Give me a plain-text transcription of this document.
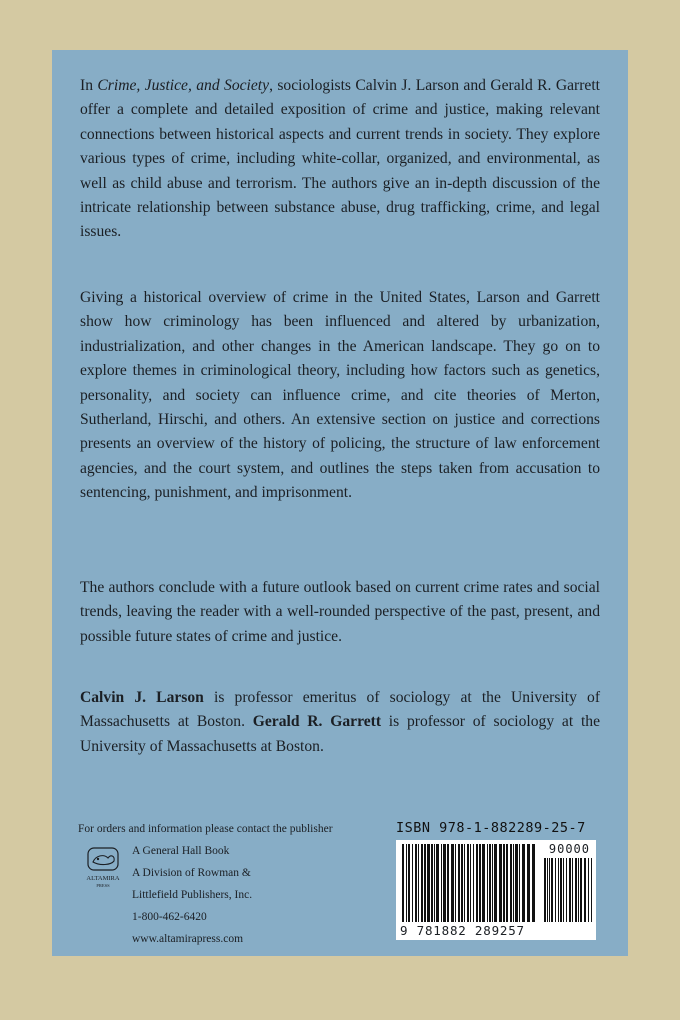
In Crime, Justice, and Society, sociologists Calvin J. Larson and Gerald R. Garrett offer a complete and detailed exposition of crime and justice, making relevant connections between historical aspects and current trends in society. They explore various types of crime, including white-collar, organized, and environmental, as well as child abuse and terrorism. The authors give an in-depth discussion of the intricate relationship between substance abuse, drug trafficking, crime, and legal issues.
Giving a historical overview of crime in the United States, Larson and Garrett show how criminology has been influenced and altered by urbanization, industrialization, and other changes in the American landscape. They go on to explore themes in criminological theory, including how factors such as genetics, personality, and society can influence crime, and cite theories of Merton, Sutherland, Hirschi, and others. An extensive section on justice and corrections presents an overview of the history of policing, the structure of law enforcement agencies, and the court system, and outlines the steps taken from accusation to sentencing, punishment, and imprisonment.
The authors conclude with a future outlook based on current crime rates and social trends, leaving the reader with a well-rounded perspective of the past, present, and possible future states of crime and justice.
Calvin J. Larson is professor emeritus of sociology at the University of Massachusetts at Boston. Gerald R. Garrett is professor of sociology at the University of Massachusetts at Boston.
For orders and information please contact the publisher
ALTAMIRA
PRESS
A General Hall Book
A Division of Rowman &
Littlefield Publishers, Inc.
1-800-462-6420
www.altamirapress.com
ISBN 978-1-882289-25-7
90000
9 781882 289257
